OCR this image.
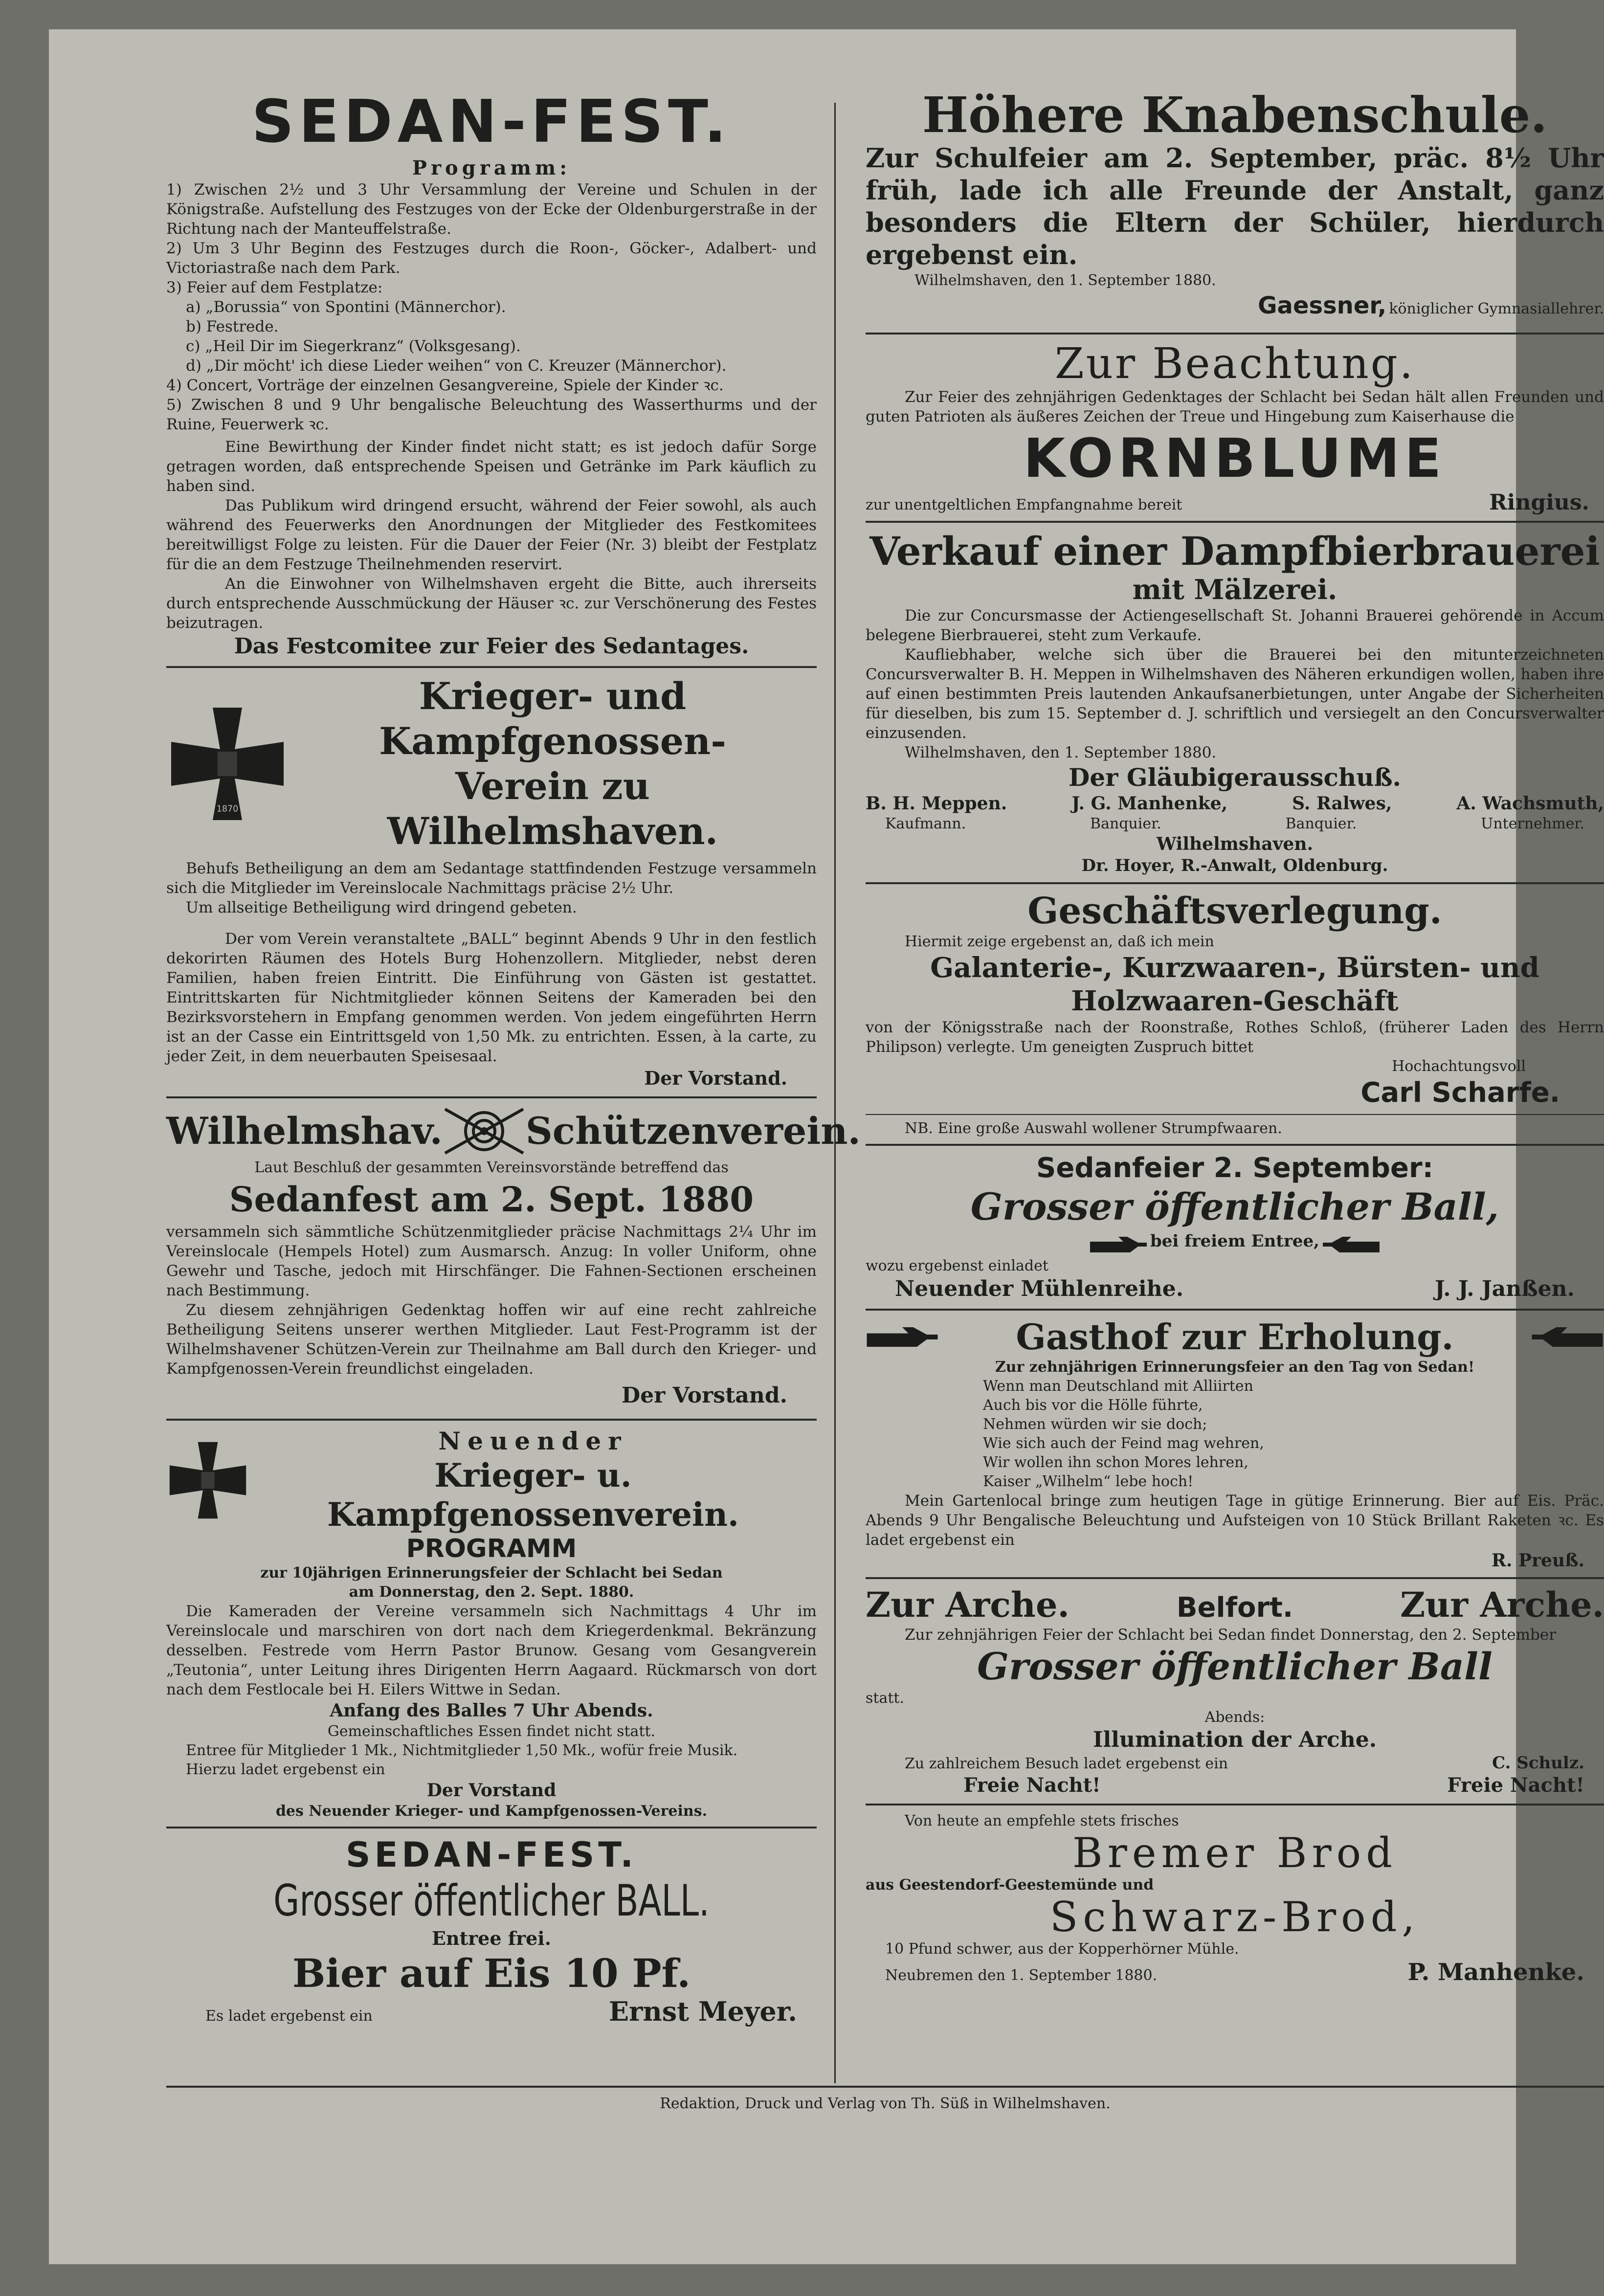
SEDAN-FEST.
Programm:

1) Zwischen 2½ und 3 Uhr Versammlung der Vereine und Schulen in der Königstraße. Aufstellung des Festzuges von der Ecke der Oldenburgerstraße in der Richtung nach der Manteuffelstraße.

2) Um 3 Uhr Beginn des Festzuges durch die Roon-, Göcker-, Adalbert- und Victoriastraße nach dem Park.

3) Feier auf dem Festplatze:

a) „Borussia“ von Spontini (Männerchor).

b) Festrede.

c) „Heil Dir im Siegerkranz“ (Volksgesang).

d) „Dir möcht' ich diese Lieder weihen“ von C. Kreuzer (Männerchor).

4) Concert, Vorträge der einzelnen Gesangvereine, Spiele der Kinder ꝛc.

5) Zwischen 8 und 9 Uhr bengalische Beleuchtung des Wasserthurms und der Ruine, Feuerwerk ꝛc.

Eine Bewirthung der Kinder findet nicht statt; es ist jedoch dafür Sorge getragen worden, daß entsprechende Speisen und Getränke im Park käuflich zu haben sind.

Das Publikum wird dringend ersucht, während der Feier sowohl, als auch während des Feuerwerks den Anordnungen der Mitglieder des Festkomitees bereitwilligst Folge zu leisten. Für die Dauer der Feier (Nr. 3) bleibt der Festplatz für die an dem Festzuge Theilnehmenden reservirt.

An die Einwohner von Wilhelmshaven ergeht die Bitte, auch ihrerseits durch entsprechende Ausschmückung der Häuser ꝛc. zur Verschönerung des Festes beizutragen.

Das Festcomitee zur Feier des Sedantages.
1870
Krieger- und Kampfgenossen-
Verein zu Wilhelmshaven.

Behufs Betheiligung an dem am Sedantage stattfindenden Festzuge versammeln sich die Mitglieder im Vereinslocale Nachmittags präcise 2½ Uhr.

Um allseitige Betheiligung wird dringend gebeten.

Der vom Verein veranstaltete „BALL“ beginnt Abends 9 Uhr in den festlich dekorirten Räumen des Hotels Burg Hohenzollern. Mitglieder, nebst deren Familien, haben freien Eintritt. Die Einführung von Gästen ist gestattet. Eintrittskarten für Nichtmitglieder können Seitens der Kameraden bei den Bezirksvorstehern in Empfang genommen werden. Von jedem eingeführten Herrn ist an der Casse ein Eintrittsgeld von 1,50 Mk. zu entrichten. Essen, à la carte, zu jeder Zeit, in dem neuerbauten Speisesaal.

Der Vorstand.
Wilhelmshav. Schützenverein.
Laut Beschluß der gesammten Vereinsvorstände betreffend das
Sedanfest am 2. Sept. 1880

versammeln sich sämmtliche Schützenmitglieder präcise Nachmittags 2¼ Uhr im Vereinslocale (Hempels Hotel) zum Ausmarsch. Anzug: In voller Uniform, ohne Gewehr und Tasche, jedoch mit Hirschfänger. Die Fahnen-Sectionen erscheinen nach Bestimmung.

Zu diesem zehnjährigen Gedenktag hoffen wir auf eine recht zahlreiche Betheiligung Seitens unserer werthen Mitglieder. Laut Fest-Programm ist der Wilhelmshavener Schützen-Verein zur Theilnahme am Ball durch den Krieger- und Kampfgenossen-Verein freundlichst eingeladen.

Der Vorstand.
Neuender
Krieger- u. Kampfgenossenverein.
PROGRAMM
zur 10jährigen Erinnerungsfeier der Schlacht bei Sedan
am Donnerstag, den 2. Sept. 1880.

Die Kameraden der Vereine versammeln sich Nachmittags 4 Uhr im Vereinslocale und marschiren von dort nach dem Kriegerdenkmal. Bekränzung desselben. Festrede vom Herrn Pastor Brunow. Gesang vom Gesangverein „Teutonia“, unter Leitung ihres Dirigenten Herrn Aagaard. Rückmarsch von dort nach dem Festlocale bei H. Eilers Wittwe in Sedan.

Anfang des Balles 7 Uhr Abends.
Gemeinschaftliches Essen findet nicht statt.
Entree für Mitglieder 1 Mk., Nichtmitglieder 1,50 Mk., wofür freie Musik.
Hierzu ladet ergebenst ein
Der Vorstand
des Neuender Krieger- und Kampfgenossen-Vereins.
SEDAN-FEST.
Grosser öffentlicher BALL.
Entree frei.
Bier auf Eis 10 Pf.
Es ladet ergebenst ein	Ernst Meyer.
Höhere Knabenschule.
Zur Schulfeier am 2. September, präc. 8½ Uhr früh, lade ich alle Freunde der Anstalt, ganz besonders die Eltern der Schüler, hierdurch ergebenst ein.
Wilhelmshaven, den 1. September 1880.
Gaessner, königlicher Gymnasiallehrer.
Zur Beachtung.
Zur Feier des zehnjährigen Gedenktages der Schlacht bei Sedan hält allen Freunden und guten Patrioten als äußeres Zeichen der Treue und Hingebung zum Kaiserhause die
KORNBLUME
zur unentgeltlichen Empfangnahme bereit	Ringius.
Verkauf einer Dampfbierbrauerei
mit Mälzerei.

Die zur Concursmasse der Actiengesellschaft St. Johanni Brauerei gehörende in Accum belegene Bierbrauerei, steht zum Verkaufe.

Kaufliebhaber, welche sich über die Brauerei bei den mitunterzeichneten Concursverwalter B. H. Meppen in Wilhelmshaven des Näheren erkundigen wollen, haben ihre auf einen bestimmten Preis lautenden Ankaufsanerbietungen, unter Angabe der Sicherheiten für dieselben, bis zum 15. September d. J. schriftlich und versiegelt an den Concursverwalter einzusenden.

Wilhelmshaven, den 1. September 1880.

Der Gläubigerausschuß.
B. H. Meppen.	J. G. Manhenke,	S. Ralwes,	A. Wachsmuth,
Kaufmann.	Banquier.	Banquier.	Unternehmer.
Wilhelmshaven.
Dr. Hoyer, R.-Anwalt, Oldenburg.
Geschäftsverlegung.
Hiermit zeige ergebenst an, daß ich mein
Galanterie-, Kurzwaaren-, Bürsten- und
Holzwaaren-Geschäft
von der Königsstraße nach der Roonstraße, Rothes Schloß, (früherer Laden des Herrn Philipson) verlegte. Um geneigten Zuspruch bittet
Hochachtungsvoll
Carl Scharfe.
NB. Eine große Auswahl wollener Strumpfwaaren.
Sedanfeier 2. September:
Grosser öffentlicher Ball,
bei freiem Entree,
wozu ergebenst einladet
Neuender Mühlenreihe.	J. J. Janßen.
Gasthof zur Erholung.
Zur zehnjährigen Erinnerungsfeier an den Tag von Sedan!

Wenn man Deutschland mit Alliirten

Auch bis vor die Hölle führte,

Nehmen würden wir sie doch;

Wie sich auch der Feind mag wehren,

Wir wollen ihn schon Mores lehren,

Kaiser „Wilhelm“ lebe hoch!

Mein Gartenlocal bringe zum heutigen Tage in gütige Erinnerung. Bier auf Eis. Präc. Abends 9 Uhr Bengalische Beleuchtung und Aufsteigen von 10 Stück Brillant Raketen ꝛc. Es ladet ergebenst ein
R. Preuß.
Zur Arche.	Belfort.	Zur Arche.
Zur zehnjährigen Feier der Schlacht bei Sedan findet Donnerstag, den 2. September
Grosser öffentlicher Ball
statt.
Abends:
Illumination der Arche.
Zu zahlreichem Besuch ladet ergebenst ein	C. Schulz.
Freie Nacht!	Freie Nacht!
Von heute an empfehle stets frisches
Bremer Brod
aus Geestendorf-Geestemünde und
Schwarz-Brod,
10 Pfund schwer, aus der Kopperhörner Mühle.
Neubremen den 1. September 1880.	P. Manhenke.
Redaktion, Druck und Verlag von Th. Süß in Wilhelmshaven.
